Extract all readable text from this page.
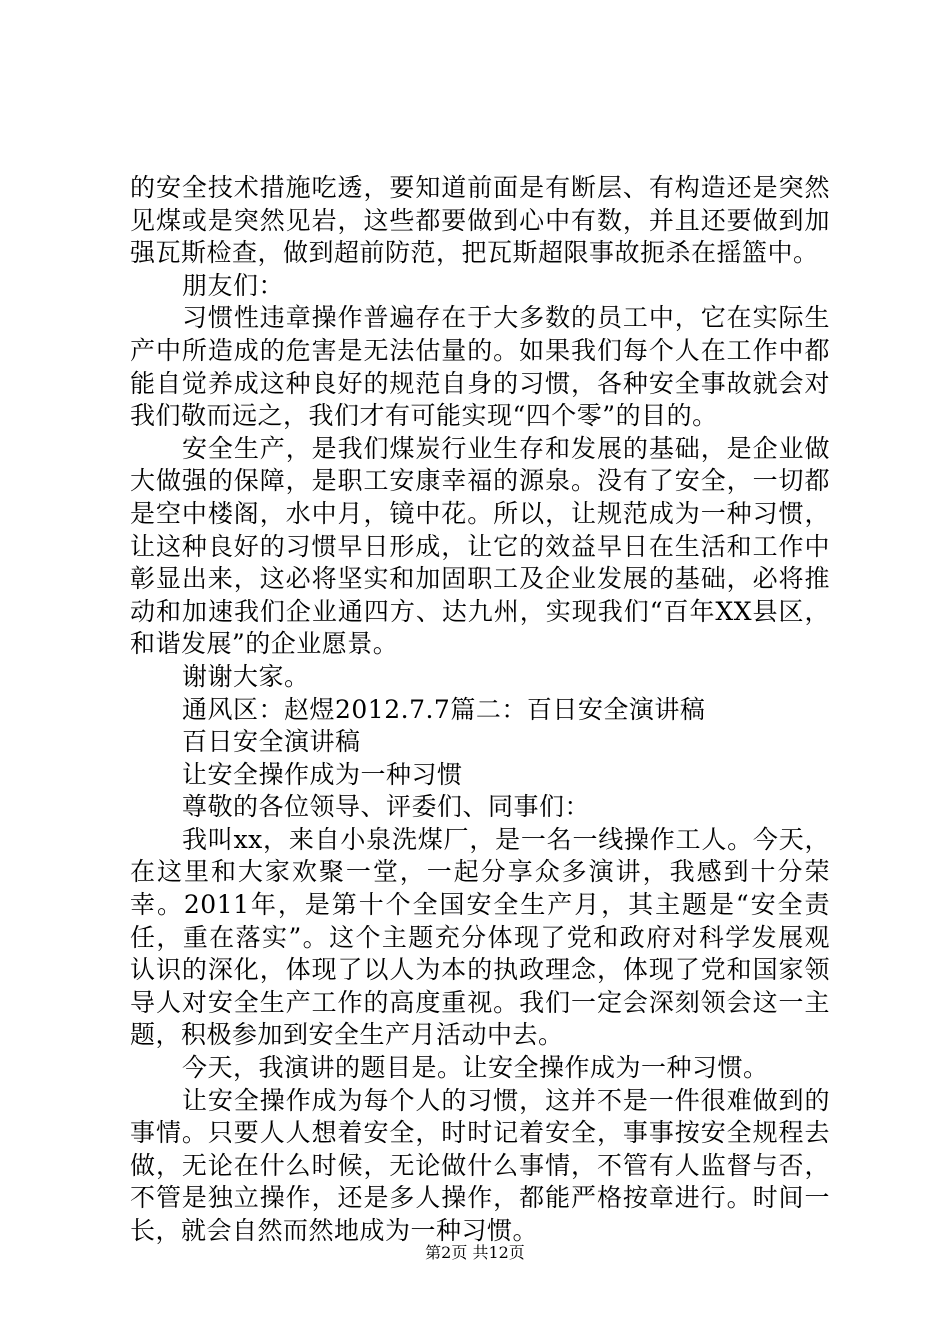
的安全技术措施吃透，要知道前面是有断层、有构造还是突然见煤或是突然见岩，这些都要做到心中有数，并且还要做到加强瓦斯检查，做到超前防范，把瓦斯超限事故扼杀在摇篮中。

朋友们：

习惯性违章操作普遍存在于大多数的员工中，它在实际生产中所造成的危害是无法估量的。如果我们每个人在工作中都能自觉养成这种良好的规范自身的习惯，各种安全事故就会对我们敬而远之，我们才有可能实现“四个零”的目的。

安全生产，是我们煤炭行业生存和发展的基础，是企业做大做强的保障，是职工安康幸福的源泉。没有了安全，一切都是空中楼阁，水中月，镜中花。所以，让规范成为一种习惯，让这种良好的习惯早日形成，让它的效益早日在生活和工作中彰显出来，这必将坚实和加固职工及企业发展的基础，必将推动和加速我们企业通四方、达九州，实现我们“百年XX县区，和谐发展”的企业愿景。

谢谢大家。

通风区：赵煜2012.7.7篇二：百日安全演讲稿

百日安全演讲稿

让安全操作成为一种习惯

尊敬的各位领导、评委们、同事们：

我叫xx，来自小泉洗煤厂，是一名一线操作工人。今天，在这里和大家欢聚一堂，一起分享众多演讲，我感到十分荣幸。2011年，是第十个全国安全生产月，其主题是“安全责任，重在落实”。这个主题充分体现了党和政府对科学发展观认识的深化，体现了以人为本的执政理念，体现了党和国家领导人对安全生产工作的高度重视。我们一定会深刻领会这一主题，积极参加到安全生产月活动中去。

今天，我演讲的题目是。让安全操作成为一种习惯。

让安全操作成为每个人的习惯，这并不是一件很难做到的事情。只要人人想着安全，时时记着安全，事事按安全规程去做，无论在什么时候，无论做什么事情，不管有人监督与否，不管是独立操作，还是多人操作，都能严格按章进行。时间一长，就会自然而然地成为一种习惯。

第2页 共12页
